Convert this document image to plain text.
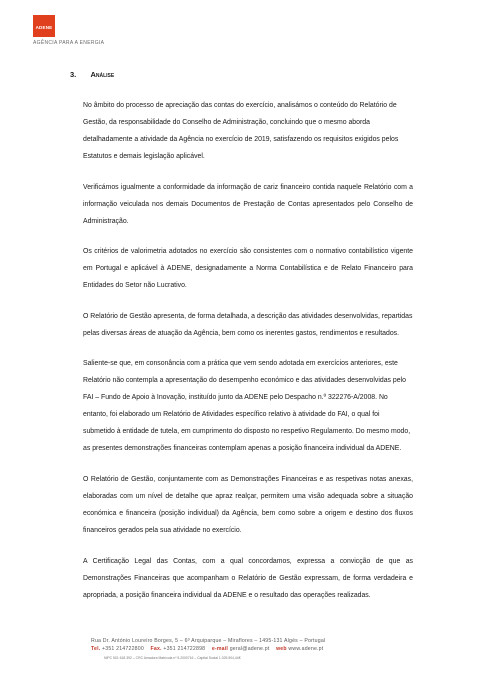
ADENE
AGÊNCIA PARA A ENERGIA
3. Análise

No âmbito do processo de apreciação das contas do exercício, analisámos o conteúdo do Relatório de Gestão, da responsabilidade do Conselho de Administração, concluindo que o mesmo aborda detalhadamente a atividade da Agência no exercício de 2019, satisfazendo os requisitos exigidos pelos Estatutos e demais legislação aplicável.

Verificámos igualmente a conformidade da informação de cariz financeiro contida naquele Relatório com a informação veiculada nos demais Documentos de Prestação de Contas apresentados pelo Conselho de Administração.

Os critérios de valorimetria adotados no exercício são consistentes com o normativo contabilístico vigente em Portugal e aplicável à ADENE, designadamente a Norma Contabilística e de Relato Financeiro para Entidades do Setor não Lucrativo.

O Relatório de Gestão apresenta, de forma detalhada, a descrição das atividades desenvolvidas, repartidas pelas diversas áreas de atuação da Agência, bem como os inerentes gastos, rendimentos e resultados.

Saliente-se que, em consonância com a prática que vem sendo adotada em exercícios anteriores, este Relatório não contempla a apresentação do desempenho económico e das atividades desenvolvidas pelo FAI – Fundo de Apoio à Inovação, instituído junto da ADENE pelo Despacho n.º 322276-A/2008. No entanto, foi elaborado um Relatório de Atividades específico relativo à atividade do FAI, o qual foi submetido à entidade de tutela, em cumprimento do disposto no respetivo Regulamento. Do mesmo modo, as presentes demonstrações financeiras contemplam apenas a posição financeira individual da ADENE.

O Relatório de Gestão, conjuntamente com as Demonstrações Financeiras e as respetivas notas anexas, elaboradas com um nível de detalhe que apraz realçar, permitem uma visão adequada sobre a situação económica e financeira (posição individual) da Agência, bem como sobre a origem e destino dos fluxos financeiros gerados pela sua atividade no exercício.

A Certificação Legal das Contas, com a qual concordamos, expressa a convicção de que as Demonstrações Financeiras que acompanham o Relatório de Gestão expressam, de forma verdadeira e apropriada, a posição financeira individual da ADENE e o resultado das operações realizadas.

Rua Dr. António Loureiro Borges, 5 – 6º Arquiparque – Miraflores – 1495-131 Algés – Portugal
Tel. +351 214722800 Fax. +351 214722898 e-mail geral@adene.pt web www.adene.pt
NIPC 501 618 392 – CRC Amadora Matrícula nº 5.2000716 – Capital Social 1.025.504,44€
